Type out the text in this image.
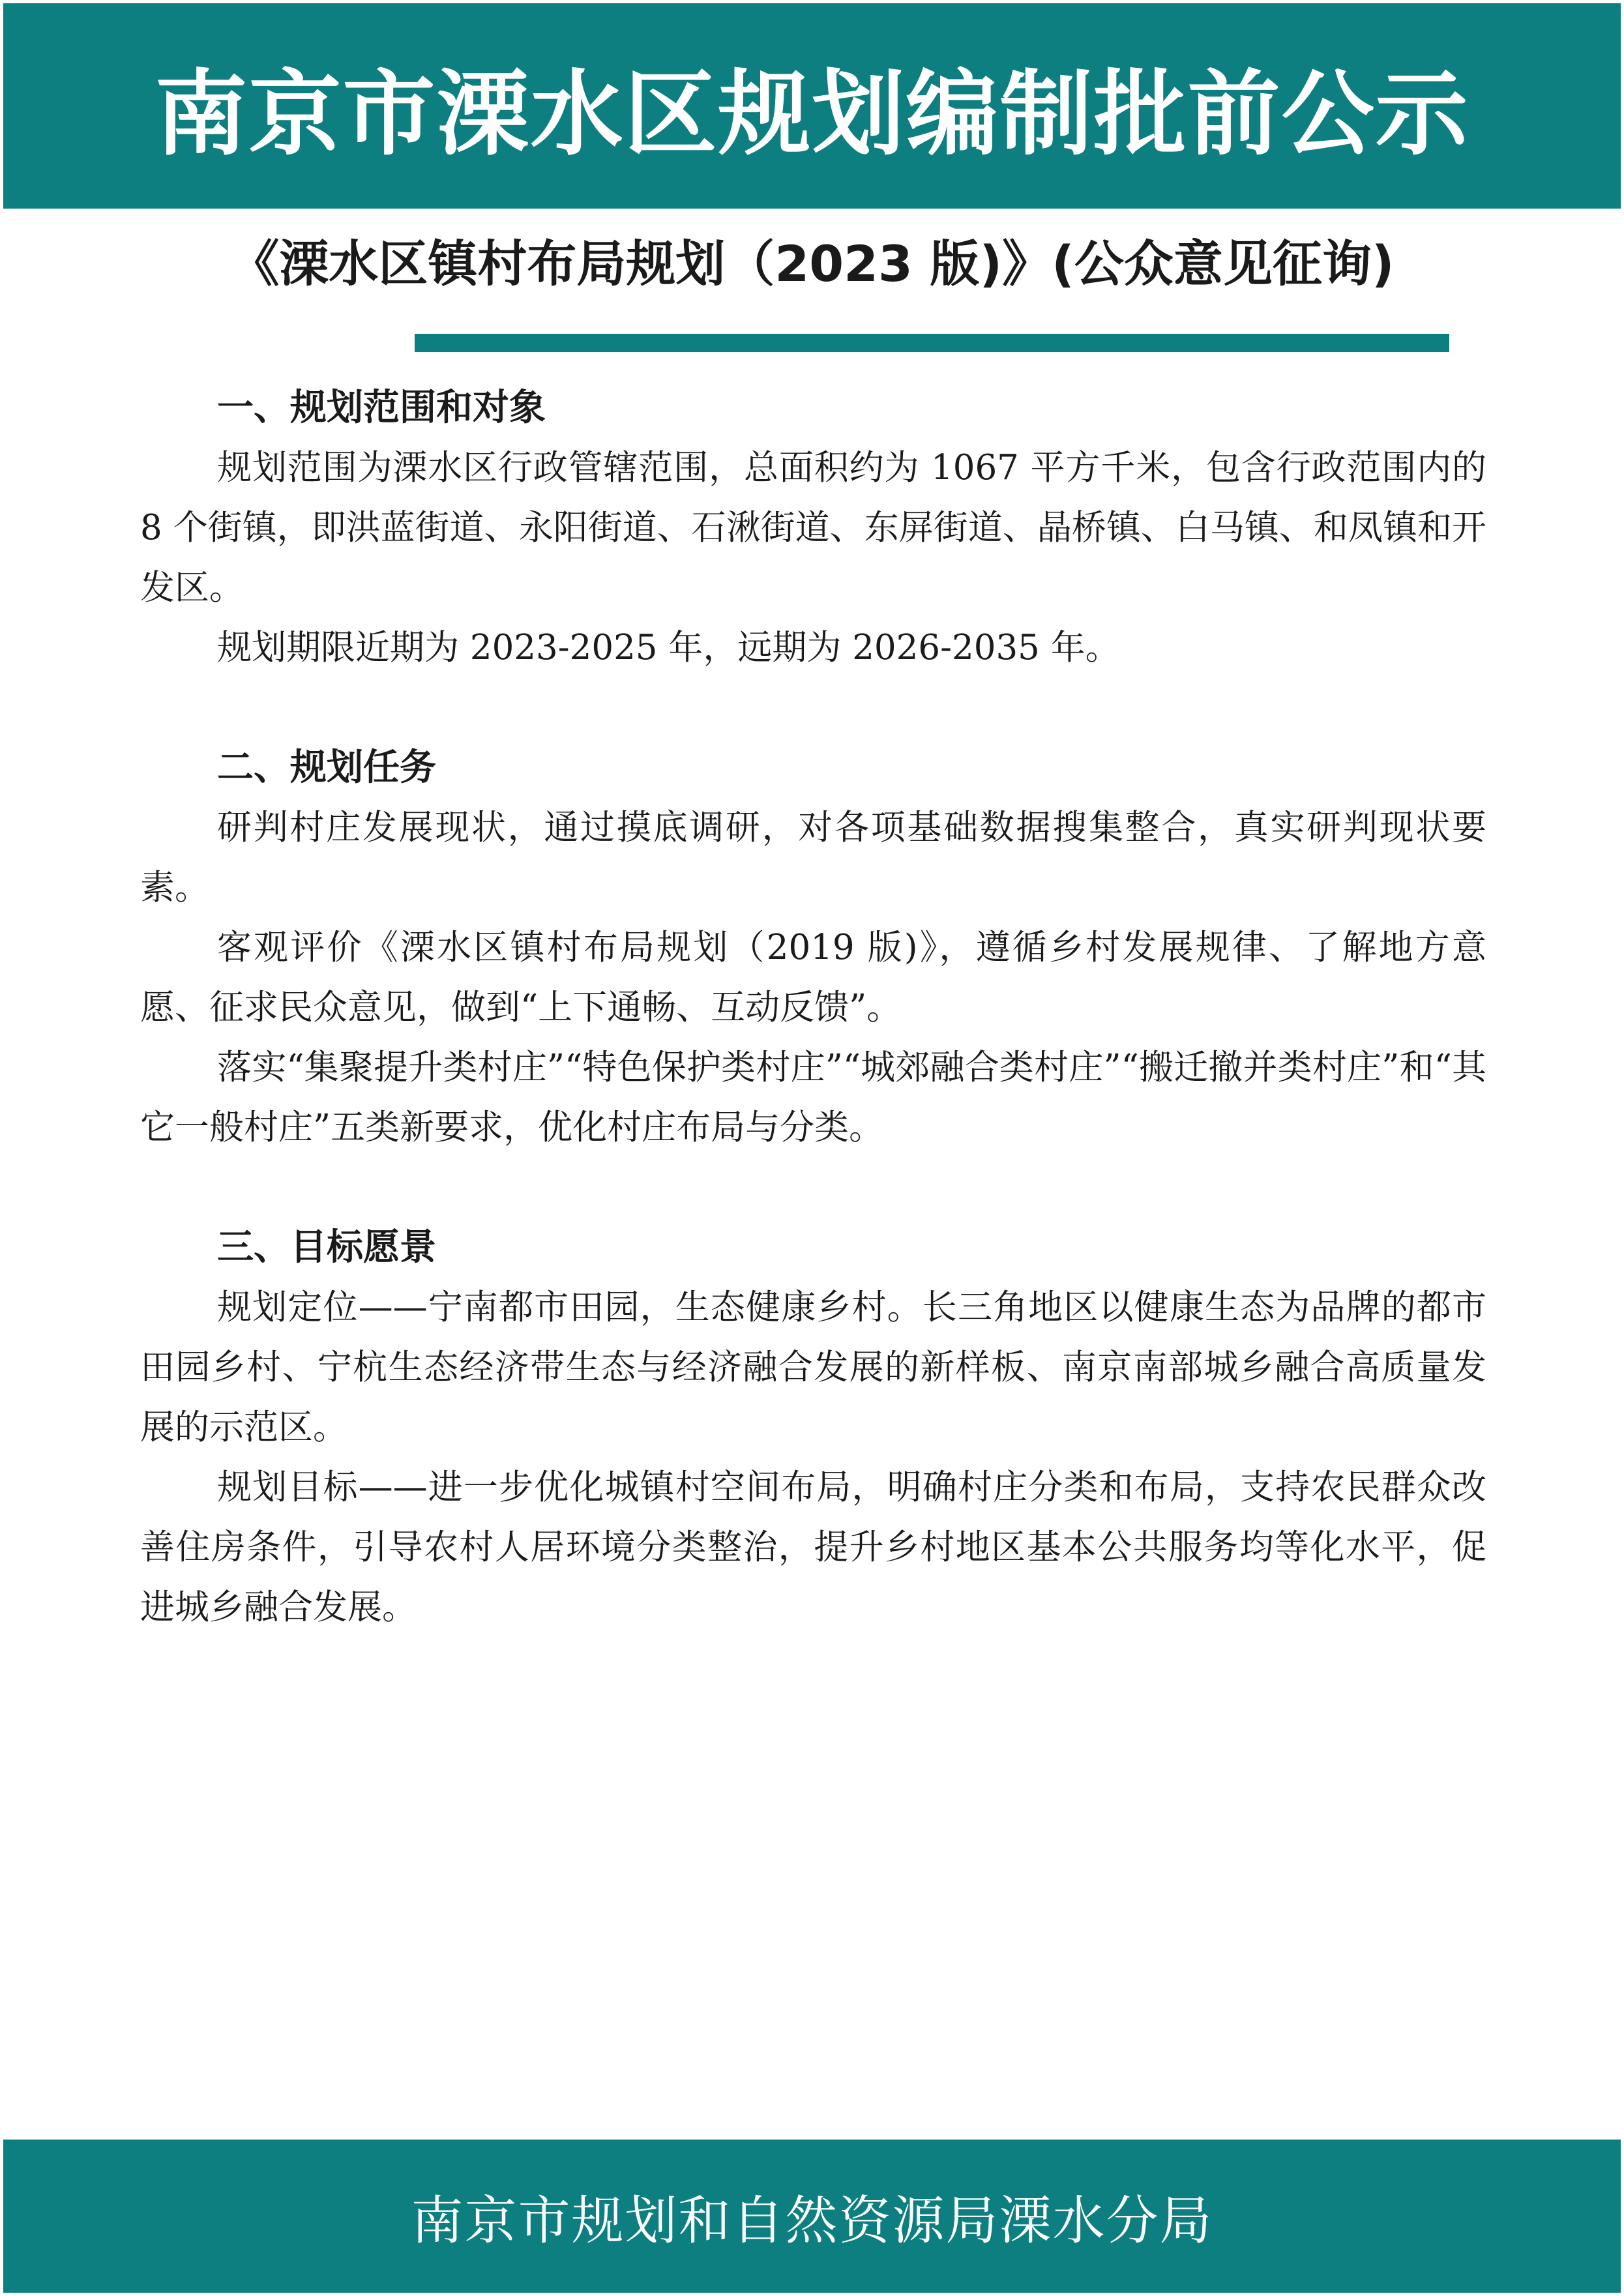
南京市溧水区规划编制批前公示
《溧水区镇村布局规划（2023 版)》(公众意见征询)
一、规划范围和对象

规划范围为溧水区行政管辖范围，总面积约为 1067 平方千米，包含行政范围内的 8 个街镇，即洪蓝街道、永阳街道、石湫街道、东屏街道、晶桥镇、白马镇、和凤镇和开发区。

规划期限近期为 2023-2025 年，远期为 2026-2035 年。

二、规划任务

研判村庄发展现状，通过摸底调研，对各项基础数据搜集整合，真实研判现状要素。

客观评价《溧水区镇村布局规划（2019 版)》，遵循乡村发展规律、了解地方意愿、征求民众意见，做到“上下通畅、互动反馈”。

落实“集聚提升类村庄”“特色保护类村庄”“城郊融合类村庄”“搬迁撤并类村庄”和“其它一般村庄”五类新要求，优化村庄布局与分类。

三、目标愿景

规划定位——宁南都市田园，生态健康乡村。长三角地区以健康生态为品牌的都市田园乡村、宁杭生态经济带生态与经济融合发展的新样板、南京南部城乡融合高质量发展的示范区。

规划目标——进一步优化城镇村空间布局，明确村庄分类和布局，支持农民群众改善住房条件，引导农村人居环境分类整治，提升乡村地区基本公共服务均等化水平，促进城乡融合发展。

南京市规划和自然资源局溧水分局
